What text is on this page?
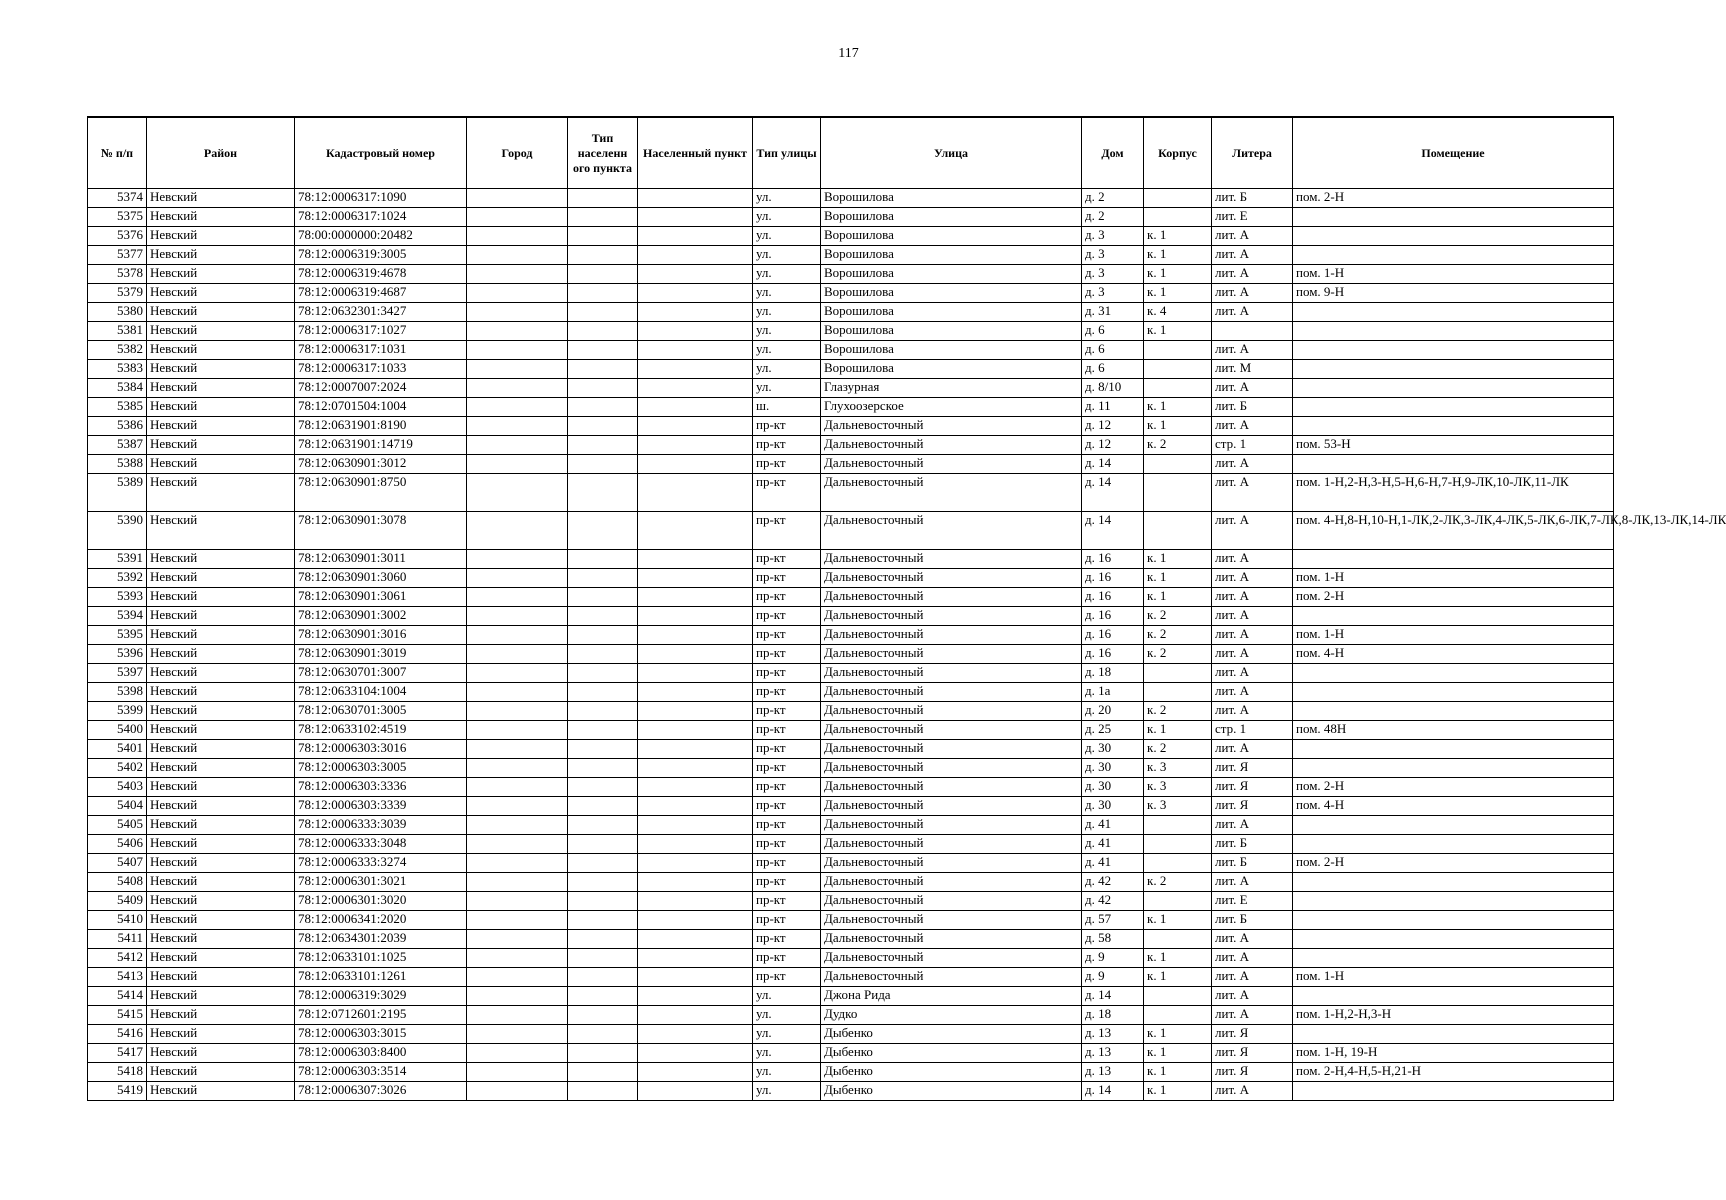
117
№ п/п	Район	Кадастровый номер	Город	Тип населенн ого пункта	Населенный пункт	Тип улицы	Улица	Дом	Корпус	Литера	Помещение
5374	Невский	78:12:0006317:1090				ул.	Ворошилова	д. 2		лит. Б	пом. 2-Н
5375	Невский	78:12:0006317:1024				ул.	Ворошилова	д. 2		лит. Е	
5376	Невский	78:00:0000000:20482				ул.	Ворошилова	д. 3	к. 1	лит. А	
5377	Невский	78:12:0006319:3005				ул.	Ворошилова	д. 3	к. 1	лит. А	
5378	Невский	78:12:0006319:4678				ул.	Ворошилова	д. 3	к. 1	лит. А	пом. 1-Н
5379	Невский	78:12:0006319:4687				ул.	Ворошилова	д. 3	к. 1	лит. А	пом. 9-Н
5380	Невский	78:12:0632301:3427				ул.	Ворошилова	д. 31	к. 4	лит. А	
5381	Невский	78:12:0006317:1027				ул.	Ворошилова	д. 6	к. 1		
5382	Невский	78:12:0006317:1031				ул.	Ворошилова	д. 6		лит. А	
5383	Невский	78:12:0006317:1033				ул.	Ворошилова	д. 6		лит. М	
5384	Невский	78:12:0007007:2024				ул.	Глазурная	д. 8/10		лит. А	
5385	Невский	78:12:0701504:1004				ш.	Глухоозерское	д. 11	к. 1	лит. Б	
5386	Невский	78:12:0631901:8190				пр-кт	Дальневосточный	д. 12	к. 1	лит. А	
5387	Невский	78:12:0631901:14719				пр-кт	Дальневосточный	д. 12	к. 2	стр. 1	пом. 53-Н
5388	Невский	78:12:0630901:3012				пр-кт	Дальневосточный	д. 14		лит. А	
5389	Невский	78:12:0630901:8750				пр-кт	Дальневосточный	д. 14		лит. А	пом. 1-Н,2-Н,3-Н,5-Н,6-Н,7-Н,9-ЛК,10-ЛК,11-ЛК
5390	Невский	78:12:0630901:3078				пр-кт	Дальневосточный	д. 14		лит. А	пом. 4-Н,8-Н,10-Н,1-ЛК,2-ЛК,3-ЛК,4-ЛК,5-ЛК,6-ЛК,7-ЛК,8-ЛК,13-ЛК,14-ЛК
5391	Невский	78:12:0630901:3011				пр-кт	Дальневосточный	д. 16	к. 1	лит. А	
5392	Невский	78:12:0630901:3060				пр-кт	Дальневосточный	д. 16	к. 1	лит. А	пом. 1-Н
5393	Невский	78:12:0630901:3061				пр-кт	Дальневосточный	д. 16	к. 1	лит. А	пом. 2-Н
5394	Невский	78:12:0630901:3002				пр-кт	Дальневосточный	д. 16	к. 2	лит. А	
5395	Невский	78:12:0630901:3016				пр-кт	Дальневосточный	д. 16	к. 2	лит. А	пом. 1-Н
5396	Невский	78:12:0630901:3019				пр-кт	Дальневосточный	д. 16	к. 2	лит. А	пом. 4-Н
5397	Невский	78:12:0630701:3007				пр-кт	Дальневосточный	д. 18		лит. А	
5398	Невский	78:12:0633104:1004				пр-кт	Дальневосточный	д. 1а		лит. А	
5399	Невский	78:12:0630701:3005				пр-кт	Дальневосточный	д. 20	к. 2	лит. А	
5400	Невский	78:12:0633102:4519				пр-кт	Дальневосточный	д. 25	к. 1	стр. 1	пом. 48Н
5401	Невский	78:12:0006303:3016				пр-кт	Дальневосточный	д. 30	к. 2	лит. А	
5402	Невский	78:12:0006303:3005				пр-кт	Дальневосточный	д. 30	к. 3	лит. Я	
5403	Невский	78:12:0006303:3336				пр-кт	Дальневосточный	д. 30	к. 3	лит. Я	пом. 2-Н
5404	Невский	78:12:0006303:3339				пр-кт	Дальневосточный	д. 30	к. 3	лит. Я	пом. 4-Н
5405	Невский	78:12:0006333:3039				пр-кт	Дальневосточный	д. 41		лит. А	
5406	Невский	78:12:0006333:3048				пр-кт	Дальневосточный	д. 41		лит. Б	
5407	Невский	78:12:0006333:3274				пр-кт	Дальневосточный	д. 41		лит. Б	пом. 2-Н
5408	Невский	78:12:0006301:3021				пр-кт	Дальневосточный	д. 42	к. 2	лит. А	
5409	Невский	78:12:0006301:3020				пр-кт	Дальневосточный	д. 42		лит. Е	
5410	Невский	78:12:0006341:2020				пр-кт	Дальневосточный	д. 57	к. 1	лит. Б	
5411	Невский	78:12:0634301:2039				пр-кт	Дальневосточный	д. 58		лит. А	
5412	Невский	78:12:0633101:1025				пр-кт	Дальневосточный	д. 9	к. 1	лит. А	
5413	Невский	78:12:0633101:1261				пр-кт	Дальневосточный	д. 9	к. 1	лит. А	пом. 1-Н
5414	Невский	78:12:0006319:3029				ул.	Джона Рида	д. 14		лит. А	
5415	Невский	78:12:0712601:2195				ул.	Дудко	д. 18		лит. А	пом. 1-Н,2-Н,3-Н
5416	Невский	78:12:0006303:3015				ул.	Дыбенко	д. 13	к. 1	лит. Я	
5417	Невский	78:12:0006303:8400				ул.	Дыбенко	д. 13	к. 1	лит. Я	пом. 1-Н, 19-Н
5418	Невский	78:12:0006303:3514				ул.	Дыбенко	д. 13	к. 1	лит. Я	пом. 2-Н,4-Н,5-Н,21-Н
5419	Невский	78:12:0006307:3026				ул.	Дыбенко	д. 14	к. 1	лит. А	
